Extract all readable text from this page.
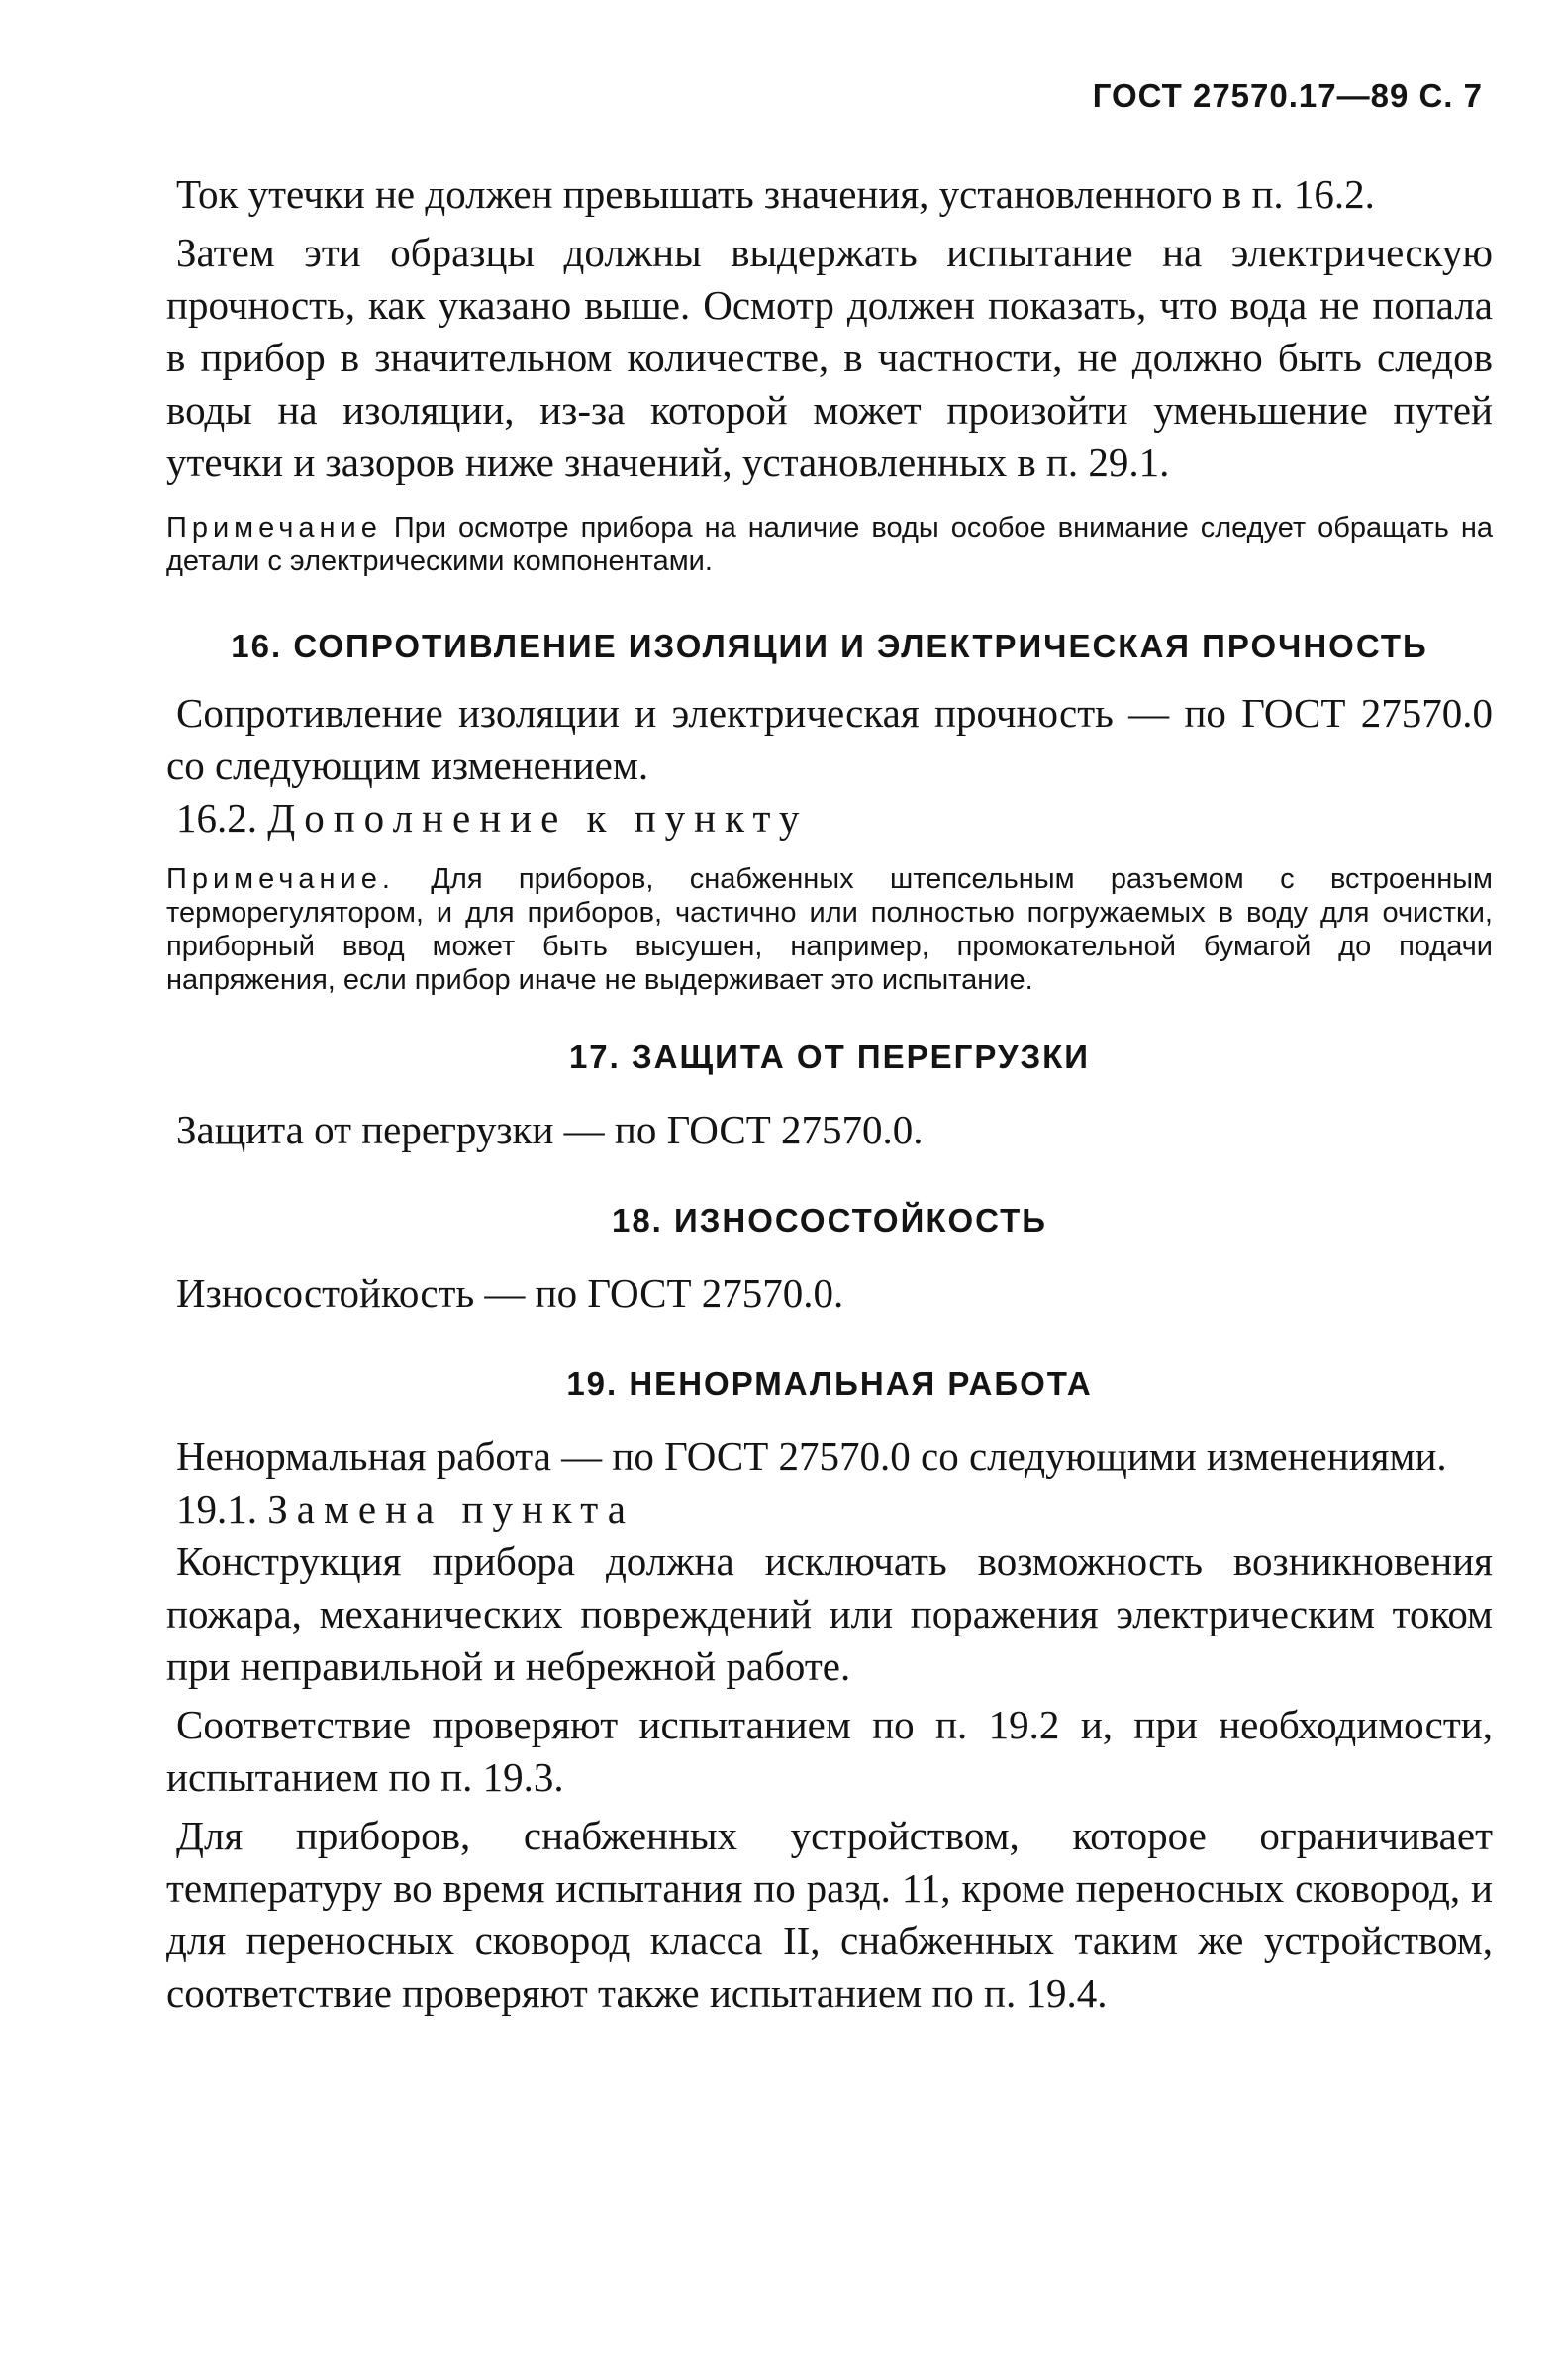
ГОСТ 27570.17—89 С. 7

Ток утечки не должен превышать значения, установленного в п. 16.2.

Затем эти образцы должны выдержать испытание на электрическую прочность, как указано выше. Осмотр должен показать, что вода не попала в прибор в значительном количестве, в частности, не должно быть следов воды на изоляции, из-за которой может произойти уменьшение путей утечки и зазоров ниже значений, установленных в п. 29.1.

Примечание При осмотре прибора на наличие воды особое внимание следует обращать на детали с электрическими компонентами.

16. СОПРОТИВЛЕНИЕ ИЗОЛЯЦИИ И ЭЛЕКТРИЧЕСКАЯ ПРОЧНОСТЬ

Сопротивление изоляции и электрическая прочность — по ГОСТ 27570.0 со следующим изменением.

16.2. Дополнение к пункту

Примечание. Для приборов, снабженных штепсельным разъемом с встроенным терморегулятором, и для приборов, частично или полностью погружаемых в воду для очистки, приборный ввод может быть высушен, например, промокательной бумагой до подачи напряжения, если прибор иначе не выдерживает это испытание.

17. ЗАЩИТА ОТ ПЕРЕГРУЗКИ

Защита от перегрузки — по ГОСТ 27570.0.

18. ИЗНОСОСТОЙКОСТЬ

Износостойкость — по ГОСТ 27570.0.

19. НЕНОРМАЛЬНАЯ РАБОТА

Ненормальная работа — по ГОСТ 27570.0 со следующими изменениями.

19.1. Замена пункта

Конструкция прибора должна исключать возможность возникновения пожара, механических повреждений или поражения электрическим током при неправильной и небрежной работе.

Соответствие проверяют испытанием по п. 19.2 и, при необходимости, испытанием по п. 19.3.

Для приборов, снабженных устройством, которое ограничивает температуру во время испытания по разд. 11, кроме переносных сковород, и для переносных сковород класса II, снабженных таким же устройством, соответствие проверяют также испытанием по п. 19.4.
